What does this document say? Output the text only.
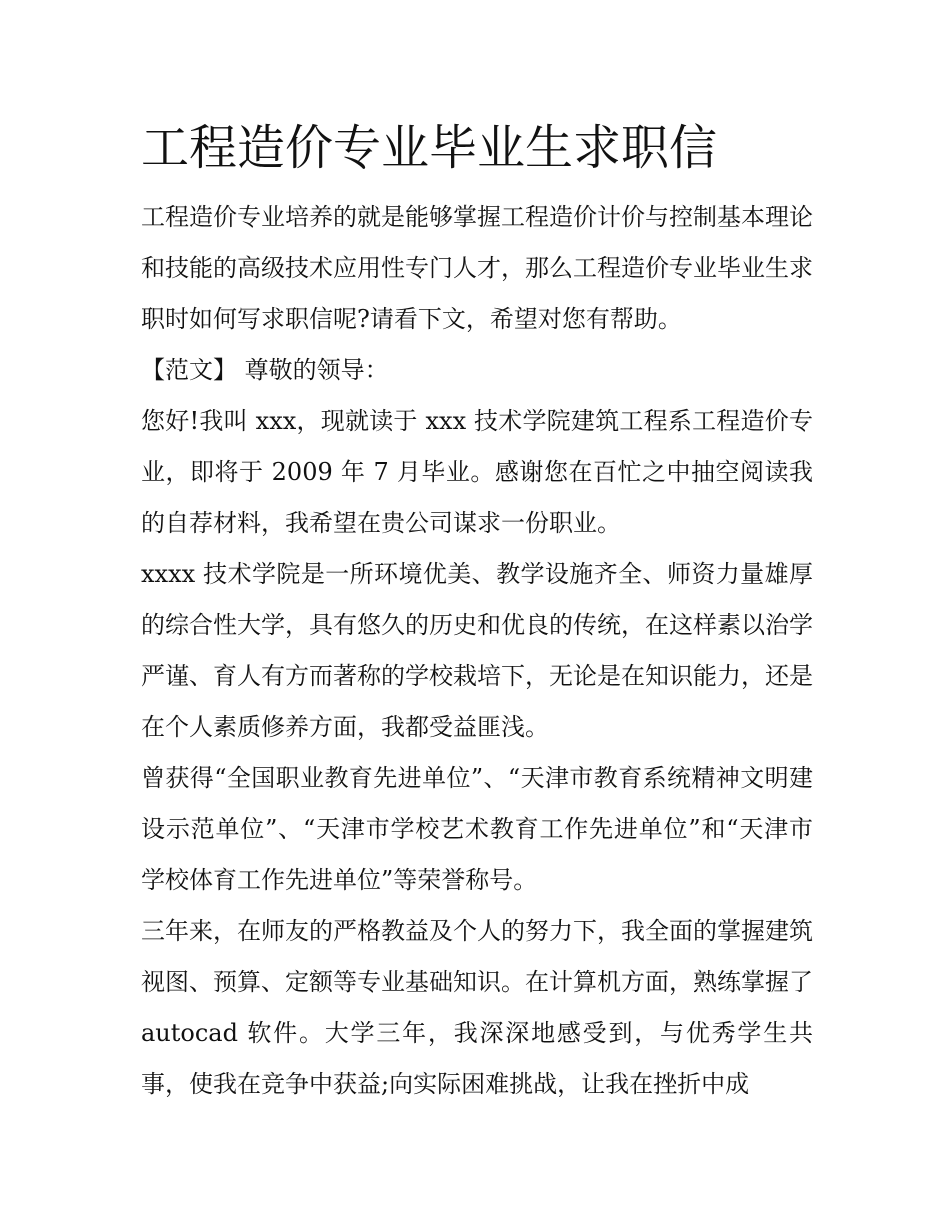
工程造价专业毕业生求职信

工程造价专业培养的就是能够掌握工程造价计价与控制基本理论和技能的高级技术应用性专门人才，那么工程造价专业毕业生求职时如何写求职信呢?请看下文，希望对您有帮助。

【范文】 尊敬的领导：

您好!我叫 xxx，现就读于 xxx 技术学院建筑工程系工程造价专业，即将于 2009 年 7 月毕业。感谢您在百忙之中抽空阅读我的自荐材料，我希望在贵公司谋求一份职业。

xxxx 技术学院是一所环境优美、教学设施齐全、师资力量雄厚的综合性大学，具有悠久的历史和优良的传统，在这样素以治学严谨、育人有方而著称的学校栽培下，无论是在知识能力，还是在个人素质修养方面，我都受益匪浅。

曾获得“全国职业教育先进单位”、“天津市教育系统精神文明建设示范单位”、“天津市学校艺术教育工作先进单位”和“天津市学校体育工作先进单位”等荣誉称号。

三年来，在师友的严格教益及个人的努力下，我全面的掌握建筑视图、预算、定额等专业基础知识。在计算机方面，熟练掌握了 autocad 软件。大学三年，我深深地感受到，与优秀学生共事，使我在竞争中获益;向实际困难挑战，让我在挫折中成
